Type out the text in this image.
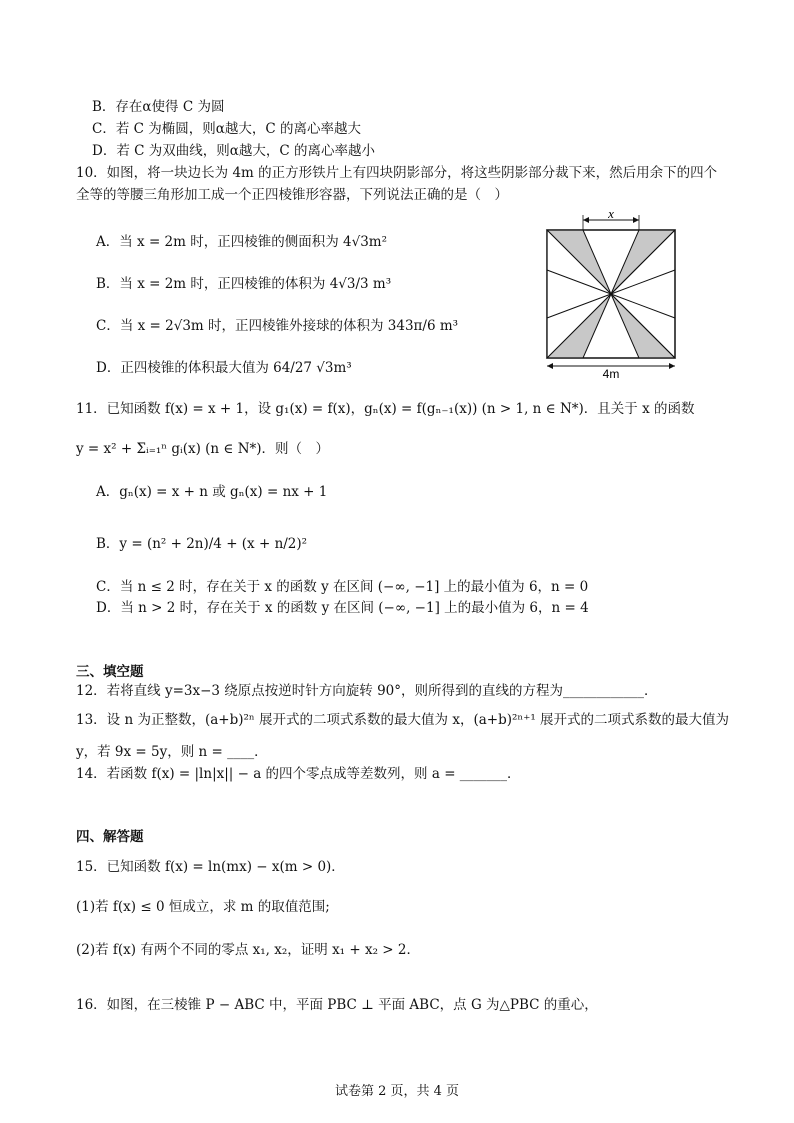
B．存在α使得 C 为圆
C．若 C 为椭圆，则α越大，C 的离心率越大
D．若 C 为双曲线，则α越大，C 的离心率越小
10．如图，将一块边长为 4m 的正方形铁片上有四块阴影部分，将这些阴影部分裁下来，然后用余下的四个
全等的等腰三角形加工成一个正四棱锥形容器，下列说法正确的是（　）
A．当 x = 2m 时，正四棱锥的侧面积为 4√3m²
B．当 x = 2m 时，正四棱锥的体积为 4√3/3 m³
C．当 x = 2√3m 时，正四棱锥外接球的体积为 343π/6 m³
D．正四棱锥的体积最大值为 64/27 √3m³
x
4m
11．已知函数 f(x) = x + 1，设 g₁(x) = f(x)，gₙ(x) = f(gₙ₋₁(x)) (n > 1, n ∈ N*)．且关于 x 的函数
y = x² + Σᵢ₌₁ⁿ gᵢ(x) (n ∈ N*)．则（　）
A．gₙ(x) = x + n 或 gₙ(x) = nx + 1
B．y = (n² + 2n)/4 + (x + n/2)²
C．当 n ≤ 2 时，存在关于 x 的函数 y 在区间 (−∞, −1] 上的最小值为 6，n = 0
D．当 n > 2 时，存在关于 x 的函数 y 在区间 (−∞, −1] 上的最小值为 6，n = 4
三、填空题
12．若将直线 y=3x−3 绕原点按逆时针方向旋转 90°，则所得到的直线的方程为____________．
13．设 n 为正整数，(a+b)²ⁿ 展开式的二项式系数的最大值为 x，(a+b)²ⁿ⁺¹ 展开式的二项式系数的最大值为
y，若 9x = 5y，则 n = ____．
14．若函数 f(x) = |ln|x|| − a 的四个零点成等差数列，则 a = _______．
四、解答题
15．已知函数 f(x) = ln(mx) − x(m > 0)．
(1)若 f(x) ≤ 0 恒成立，求 m 的取值范围;
(2)若 f(x) 有两个不同的零点 x₁, x₂，证明 x₁ + x₂ > 2．
16．如图，在三棱锥 P − ABC 中，平面 PBC ⊥ 平面 ABC，点 G 为△PBC 的重心，
试卷第 2 页，共 4 页
